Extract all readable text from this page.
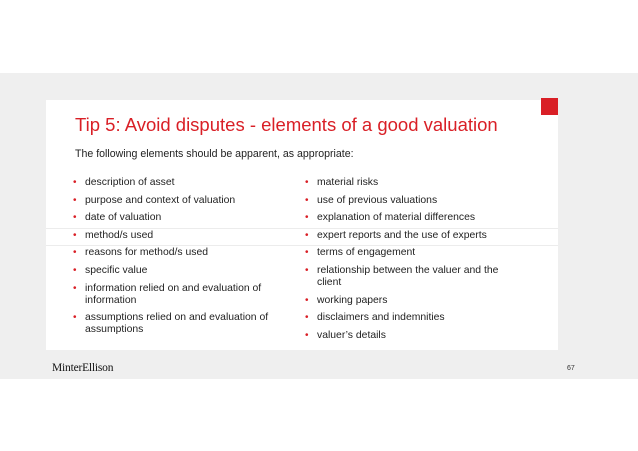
Tip 5: Avoid disputes - elements of a good valuation
The following elements should be apparent, as appropriate:
• description of asset
• purpose and context of valuation
• date of valuation
• method/s used
• reasons for method/s used
• specific value
• information relied on and evaluation of information
• assumptions relied on and evaluation of assumptions
• material risks
• use of previous valuations
• explanation of material differences
• expert reports and the use of experts
• terms of engagement
• relationship between the valuer and the client
• working papers
• disclaimers and indemnities
• valuer’s details
MinterEllison	67
